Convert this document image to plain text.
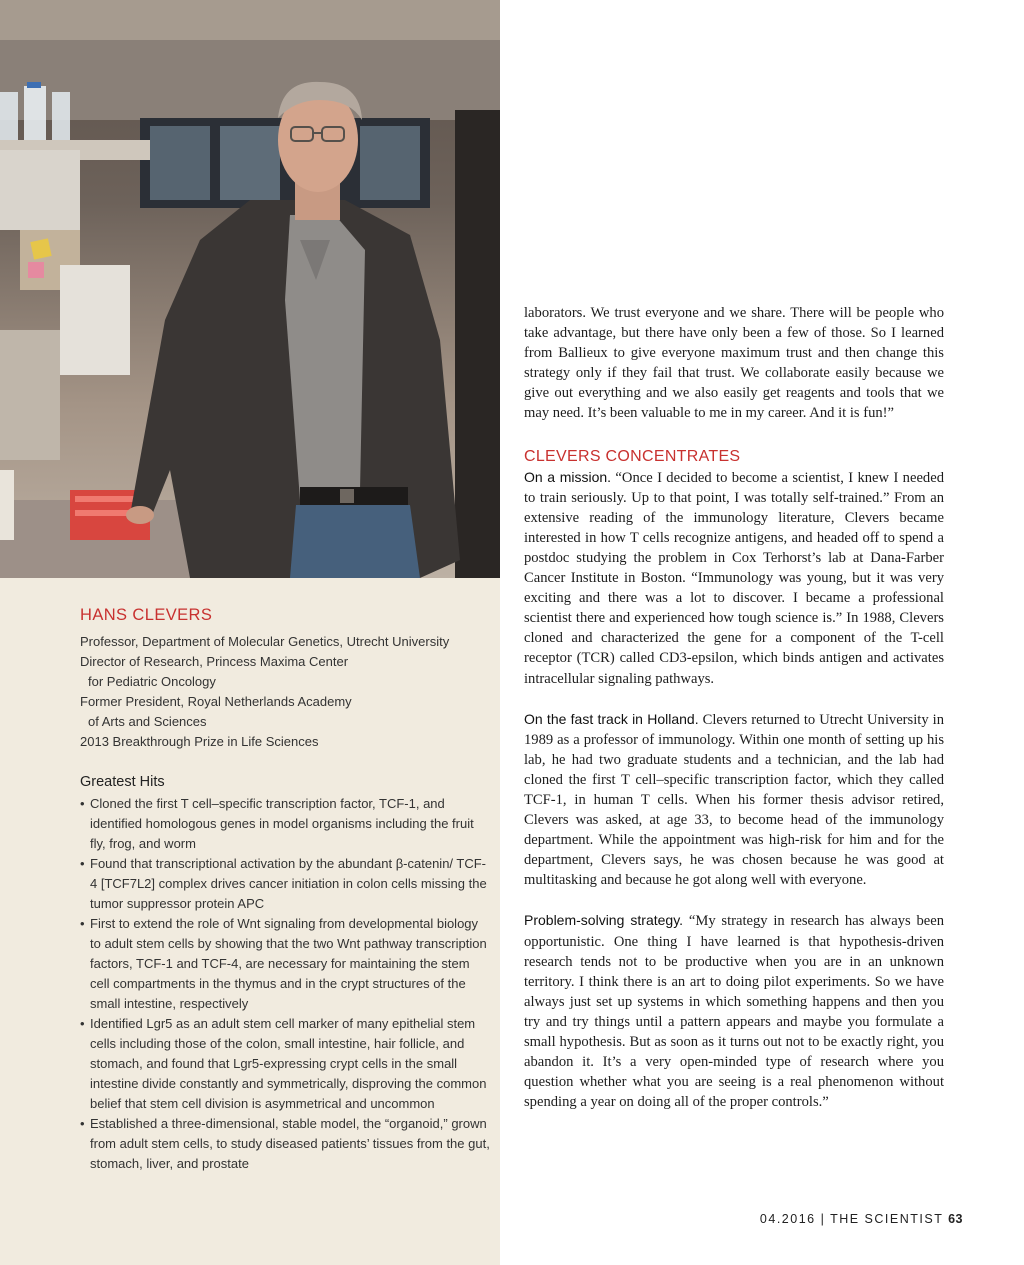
HANS CLEVERS
Professor, Department of Molecular Genetics, Utrecht University
Director of Research, Princess Maxima Center
for Pediatric Oncology
Former President, Royal Netherlands Academy
of Arts and Sciences
2013 Breakthrough Prize in Life Sciences
Greatest Hits
• Cloned the first T cell–specific transcription factor, TCF-1, and identified homologous genes in model organisms including the fruit fly, frog, and worm
• Found that transcriptional activation by the abundant β-catenin/ TCF-4 [TCF7L2] complex drives cancer initiation in colon cells missing the tumor suppressor protein APC
• First to extend the role of Wnt signaling from developmental biology to adult stem cells by showing that the two Wnt pathway transcription factors, TCF-1 and TCF-4, are necessary for maintaining the stem cell compartments in the thymus and in the crypt structures of the small intestine, respectively
• Identified Lgr5 as an adult stem cell marker of many epithelial stem cells including those of the colon, small intestine, hair follicle, and stomach, and found that Lgr5-expressing crypt cells in the small intestine divide constantly and symmetrically, disproving the common belief that stem cell division is asymmetrical and uncommon
• Established a three-dimensional, stable model, the “organoid,” grown from adult stem cells, to study diseased patients’ tissues from the gut, stomach, liver, and prostate

laborators. We trust everyone and we share. There will be people who take advantage, but there have only been a few of those. So I learned from Ballieux to give everyone maximum trust and then change this strategy only if they fail that trust. We collaborate easily because we give out everything and we also easily get reagents and tools that we may need. It’s been valuable to me in my career. And it is fun!”

CLEVERS CONCENTRATES

On a mission. “Once I decided to become a scientist, I knew I needed to train seriously. Up to that point, I was totally self-trained.” From an extensive reading of the immunology literature, Clevers became interested in how T cells recognize antigens, and headed off to spend a postdoc studying the problem in Cox Terhorst’s lab at Dana-Farber Cancer Institute in Boston. “Immunology was young, but it was very exciting and there was a lot to discover. I became a professional scientist there and experienced how tough science is.” In 1988, Clevers cloned and characterized the gene for a component of the T-cell receptor (TCR) called CD3-epsilon, which binds antigen and activates intracellular signaling pathways.

On the fast track in Holland. Clevers returned to Utrecht University in 1989 as a professor of immunology. Within one month of setting up his lab, he had two graduate students and a technician, and the lab had cloned the first T cell–specific transcription factor, which they called TCF-1, in human T cells. When his former thesis advisor retired, Clevers was asked, at age 33, to become head of the immunology department. While the appointment was high-risk for him and for the department, Clevers says, he was chosen because he was good at multitasking and because he got along well with everyone.

Problem-solving strategy. “My strategy in research has always been opportunistic. One thing I have learned is that hypothesis-driven research tends not to be productive when you are in an unknown territory. I think there is an art to doing pilot experiments. So we have always just set up systems in which something happens and then you try and try things until a pattern appears and maybe you formulate a small hypothesis. But as soon as it turns out not to be exactly right, you abandon it. It’s a very open-minded type of research where you question whether what you are seeing is a real phenomenon without spending a year on doing all of the proper controls.”

04.2016 | THE SCIENTIST 63
